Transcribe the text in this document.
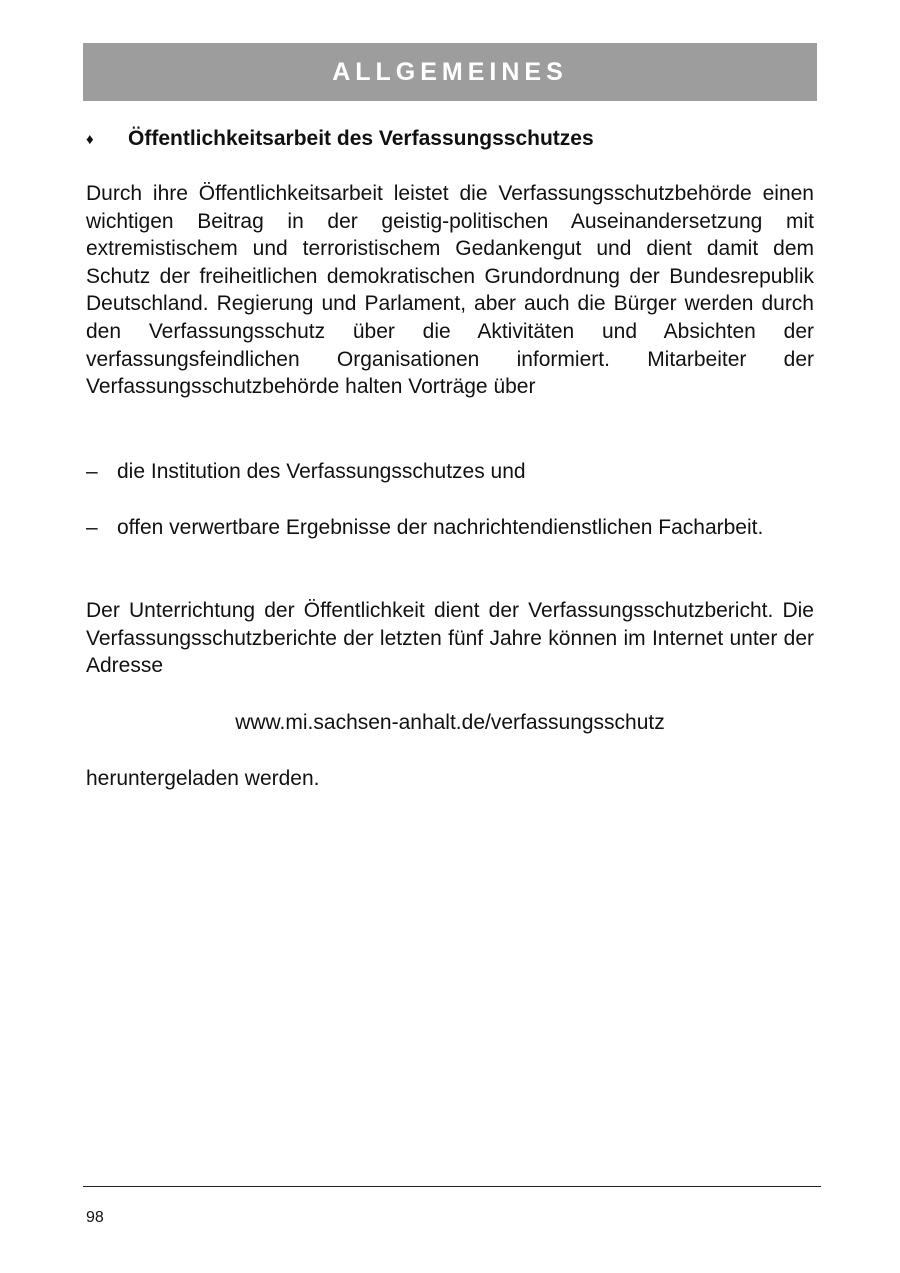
ALLGEMEINES
♦	Öffentlichkeitsarbeit des Verfassungsschutzes
Durch ihre Öffentlichkeitsarbeit leistet die Verfassungsschutzbehörde einen wichtigen Beitrag in der geistig-politischen Auseinandersetzung mit extremistischem und terroristischem Gedankengut und dient damit dem Schutz der freiheitlichen demokratischen Grundordnung der Bundesrepublik Deutschland. Regierung und Parlament, aber auch die Bürger werden durch den Verfassungsschutz über die Aktivitäten und Absichten der verfassungsfeindlichen Organisationen informiert. Mitarbeiter der Verfassungsschutzbehörde halten Vorträge über
– die Institution des Verfassungsschutzes und
– offen verwertbare Ergebnisse der nachrichtendienstlichen Facharbeit.
Der Unterrichtung der Öffentlichkeit dient der Verfassungsschutzbericht. Die Verfassungsschutzberichte der letzten fünf Jahre können im Internet unter der Adresse
www.mi.sachsen-anhalt.de/verfassungsschutz
heruntergeladen werden.
98
